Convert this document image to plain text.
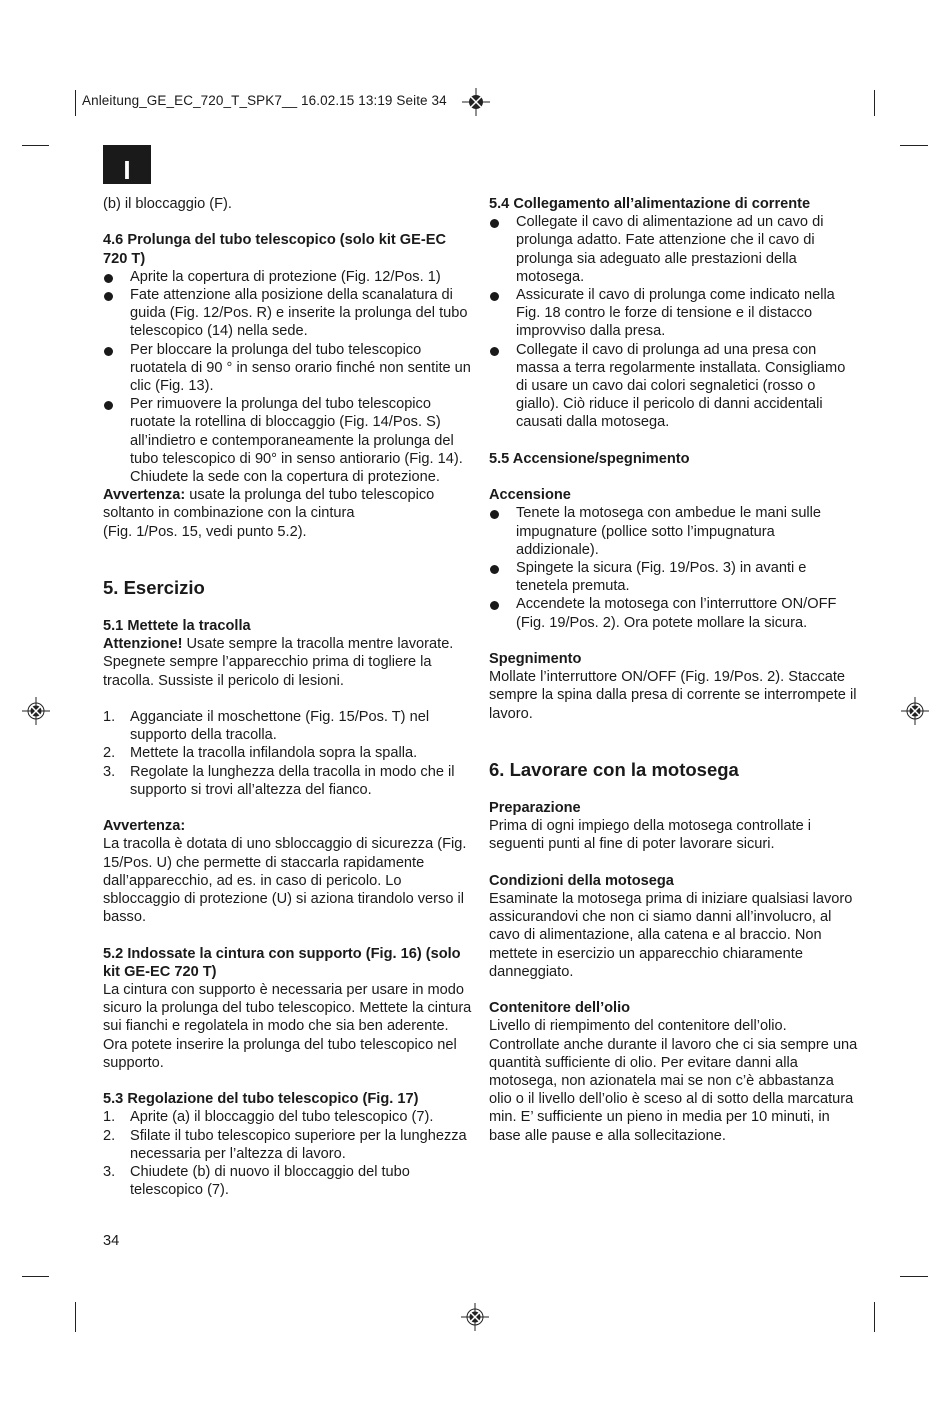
Anleitung_GE_EC_720_T_SPK7__ 16.02.15 13:19 Seite 34
I

(b) il bloccaggio (F).

4.6 Prolunga del tubo telescopico (solo kit GE-EC 720 T)

Aprite la copertura di protezione (Fig. 12/Pos. 1)
Fate attenzione alla posizione della scanalatura di guida (Fig. 12/Pos. R) e inserite la prolunga del tubo telescopico (14) nella sede.
Per bloccare la prolunga del tubo telescopico ruotatela di 90 ° in senso orario finché non sentite un clic (Fig. 13).
Per rimuovere la prolunga del tubo telescopico ruotate la rotellina di bloccaggio (Fig. 14/Pos. S) all’indietro e contemporaneamente la prolunga del tubo telescopico di 90° in senso antiorario (Fig. 14). Chiudete la sede con la copertura di protezione.

Avvertenza: usate la prolunga del tubo telescopico soltanto in combinazione con la cintura

(Fig. 1/Pos. 15, vedi punto 5.2).

5. Esercizio

5.1 Mettete la tracolla

Attenzione! Usate sempre la tracolla mentre lavorate. Spegnete sempre l’apparecchio prima di togliere la tracolla. Sussiste il pericolo di lesioni.

1. Agganciate il moschettone (Fig. 15/Pos. T) nel supporto della tracolla.
2. Mettete la tracolla infilandola sopra la spalla.
3. Regolate la lunghezza della tracolla in modo che il supporto si trovi all’altezza del fianco.

Avvertenza:

La tracolla è dotata di uno sbloccaggio di sicurezza (Fig. 15/Pos. U) che permette di staccarla rapidamente dall’apparecchio, ad es. in caso di pericolo. Lo sbloccaggio di protezione (U) si aziona tirandolo verso il basso.

5.2 Indossate la cintura con supporto (Fig. 16) (solo kit GE-EC 720 T)

La cintura con supporto è necessaria per usare in modo sicuro la prolunga del tubo telescopico. Mettete la cintura sui fianchi e regolatela in modo che sia ben aderente. Ora potete inserire la prolunga del tubo telescopico nel supporto.

5.3 Regolazione del tubo telescopico (Fig. 17)

1. Aprite (a) il bloccaggio del tubo telescopico (7).
2. Sfilate il tubo telescopico superiore per la lunghezza necessaria per l’altezza di lavoro.
3. Chiudete (b) di nuovo il bloccaggio del tubo telescopico (7).

5.4 Collegamento all’alimentazione di corrente

Collegate il cavo di alimentazione ad un cavo di prolunga adatto. Fate attenzione che il cavo di prolunga sia adeguato alle prestazioni della motosega.
Assicurate il cavo di prolunga come indicato nella Fig. 18 contro le forze di tensione e il distacco improvviso dalla presa.
Collegate il cavo di prolunga ad una presa con massa a terra regolarmente installata. Consigliamo di usare un cavo dai colori segnaletici (rosso o giallo). Ciò riduce il pericolo di danni accidentali causati dalla motosega.

5.5 Accensione/spegnimento

Accensione

Tenete la motosega con ambedue le mani sulle impugnature (pollice sotto l’impugnatura addizionale).
Spingete la sicura (Fig. 19/Pos. 3) in avanti e tenetela premuta.
Accendete la motosega con l’interruttore ON/OFF (Fig. 19/Pos. 2). Ora potete mollare la sicura.

Spegnimento

Mollate l’interruttore ON/OFF (Fig. 19/Pos. 2). Staccate sempre la spina dalla presa di corrente se interrompete il lavoro.

6. Lavorare con la motosega

Preparazione

Prima di ogni impiego della motosega controllate i seguenti punti al fine di poter lavorare sicuri.

Condizioni della motosega

Esaminate la motosega prima di iniziare qualsiasi lavoro assicurandovi che non ci siamo danni all’involucro, al cavo di alimentazione, alla catena e al braccio. Non mettete in esercizio un apparecchio chiaramente danneggiato.

Contenitore dell’olio

Livello di riempimento del contenitore dell’olio. Controllate anche durante il lavoro che ci sia sempre una quantità sufficiente di olio. Per evitare danni alla motosega, non azionatela mai se non c’è abbastanza olio o il livello dell’olio è sceso al di sotto della marcatura min. E’ sufficiente un pieno in media per 10 minuti, in base alle pause e alla sollecitazione.

34
